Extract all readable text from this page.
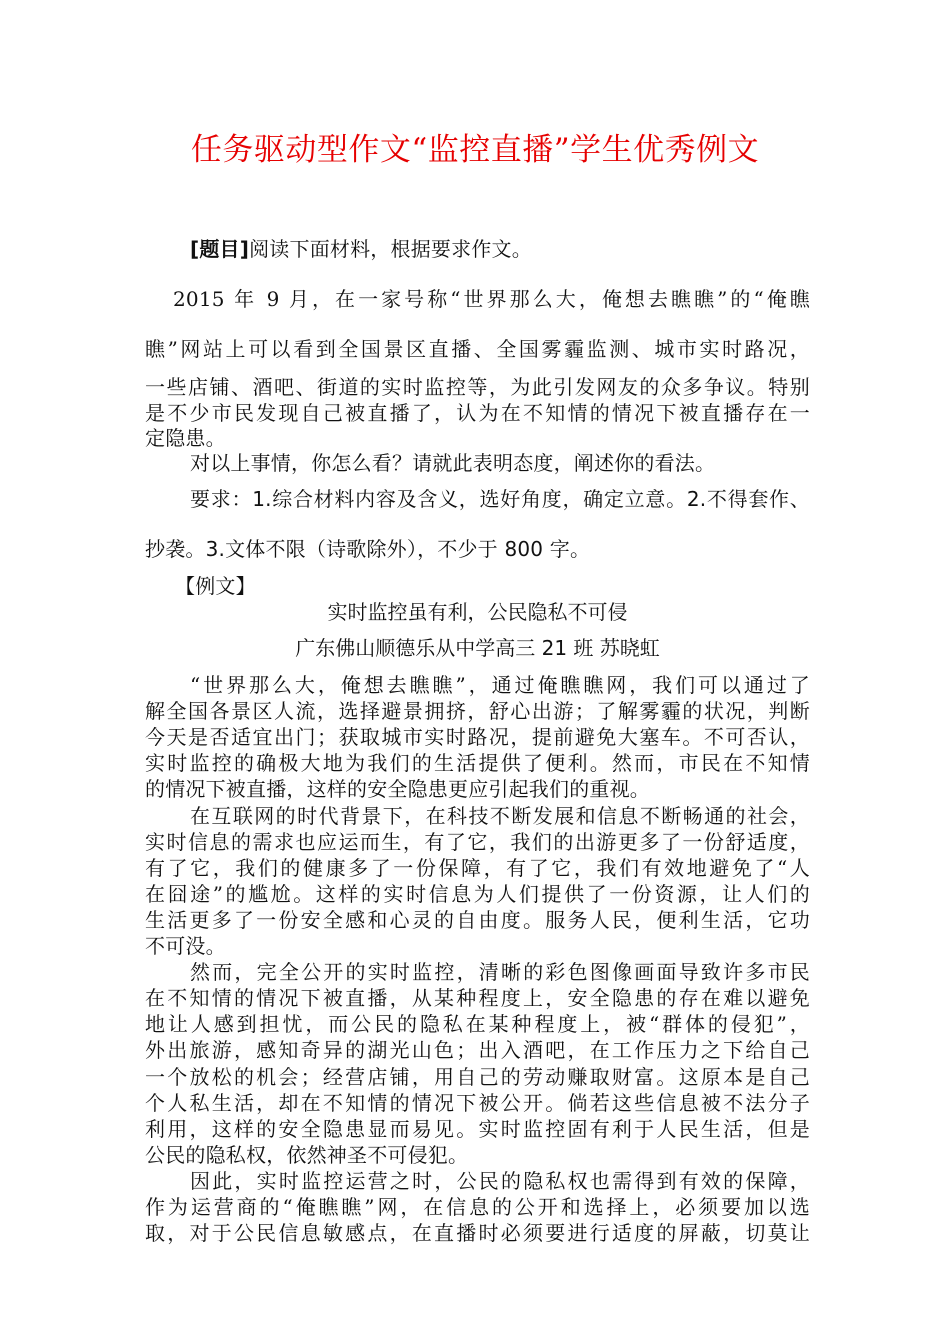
任务驱动型作文“监控直播”学生优秀例文
[题目]阅读下面材料，根据要求作文。
2015 年 9 月，在一家号称“世界那么大，俺想去瞧瞧”的“俺瞧
瞧”网站上可以看到全国景区直播、全国雾霾监测、城市实时路况，
一些店铺、酒吧、街道的实时监控等，为此引发网友的众多争议。特别
是不少市民发现自己被直播了，认为在不知情的情况下被直播存在一
定隐患。
对以上事情，你怎么看？请就此表明态度，阐述你的看法。
要求：1.综合材料内容及含义，选好角度，确定立意。2.不得套作、
抄袭。3.文体不限（诗歌除外），不少于 800 字。
【例文】
实时监控虽有利，公民隐私不可侵
广东佛山顺德乐从中学高三 21 班 苏晓虹
“世界那么大，俺想去瞧瞧”，通过俺瞧瞧网，我们可以通过了
解全国各景区人流，选择避景拥挤，舒心出游；了解雾霾的状况，判断
今天是否适宜出门；获取城市实时路况，提前避免大塞车。不可否认，
实时监控的确极大地为我们的生活提供了便利。然而，市民在不知情
的情况下被直播，这样的安全隐患更应引起我们的重视。
在互联网的时代背景下，在科技不断发展和信息不断畅通的社会，
实时信息的需求也应运而生，有了它，我们的出游更多了一份舒适度，
有了它，我们的健康多了一份保障，有了它，我们有效地避免了“人
在囧途”的尴尬。这样的实时信息为人们提供了一份资源，让人们的
生活更多了一份安全感和心灵的自由度。服务人民，便利生活，它功
不可没。
然而，完全公开的实时监控，清晰的彩色图像画面导致许多市民
在不知情的情况下被直播，从某种程度上，安全隐患的存在难以避免
地让人感到担忧，而公民的隐私在某种程度上，被“群体的侵犯”，
外出旅游，感知奇异的湖光山色；出入酒吧，在工作压力之下给自己
一个放松的机会；经营店铺，用自己的劳动赚取财富。这原本是自己
个人私生活，却在不知情的情况下被公开。倘若这些信息被不法分子
利用，这样的安全隐患显而易见。实时监控固有利于人民生活，但是
公民的隐私权，依然神圣不可侵犯。
因此，实时监控运营之时，公民的隐私权也需得到有效的保障，
作为运营商的“俺瞧瞧”网，在信息的公开和选择上，必须要加以选
取，对于公民信息敏感点，在直播时必须要进行适度的屏蔽，切莫让
